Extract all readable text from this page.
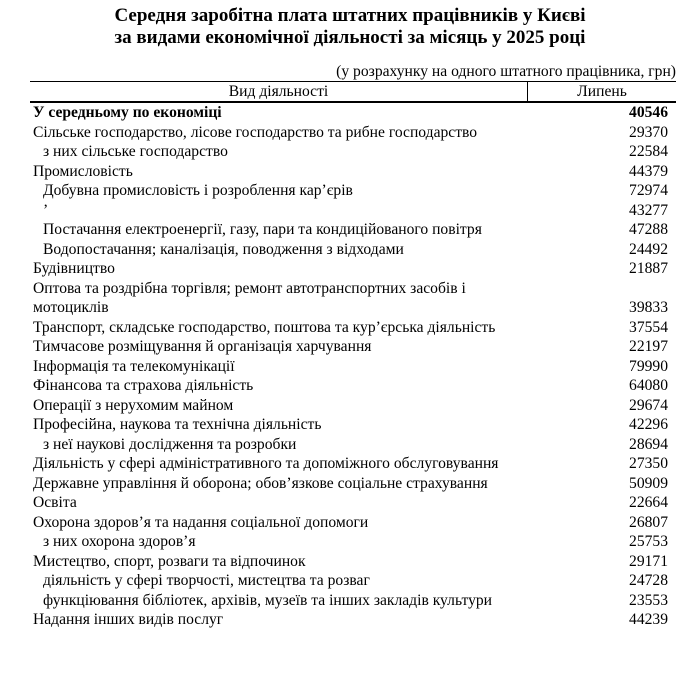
Середня заробітна плата штатних працівників у Києві
за видами економічної діяльності за місяць у 2025 році
(у розрахунку на одного штатного працівника, грн)
Вид діяльності	Липень
У середньому по економіці	40546
Сільське господарство, лісове господарство та рибне господарство	29370
з них сільське господарство	22584
Промисловість	44379
Добувна промисловість і розроблення кар’єрів	72974
’	43277
Постачання електроенергії, газу, пари та кондиційованого повітря	47288
Водопостачання; каналізація, поводження з відходами	24492
Будівництво	21887
Оптова та роздрібна торгівля; ремонт автотранспортних засобів і мотоциклів	39833
Транспорт, складське господарство, поштова та кур’єрська діяльність	37554
Тимчасове розміщування й організація харчування	22197
Інформація та телекомунікації	79990
Фінансова та страхова діяльність	64080
Операції з нерухомим майном	29674
Професійна, наукова та технічна діяльність	42296
з неї наукові дослідження та розробки	28694
Діяльність у сфері адміністративного та допоміжного обслуговування	27350
Державне управління й оборона; обов’язкове соціальне страхування	50909
Освіта	22664
Охорона здоров’я та надання соціальної допомоги	26807
з них охорона здоров’я	25753
Мистецтво, спорт, розваги та відпочинок	29171
діяльність у сфері творчості, мистецтва та розваг	24728
функціювання бібліотек, архівів, музеїв та інших закладів культури	23553
Надання інших видів послуг	44239
